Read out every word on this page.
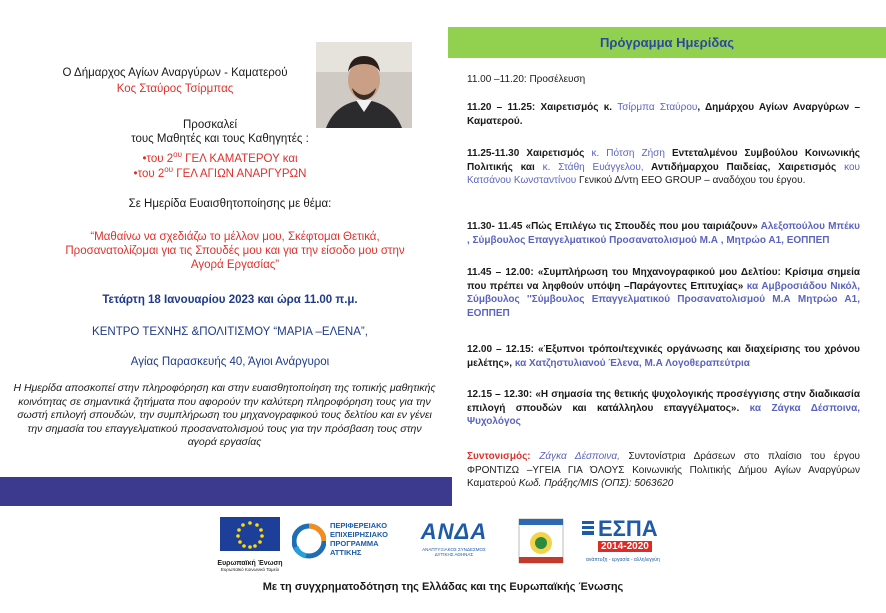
Ο Δήμαρχος Αγίων Αναργύρων - Καματερού
Κος Σταύρος Τσίρμπας
Προσκαλεί
τους Μαθητές και τους Καθηγητές :
•του $2^{o\upsilon}$ ΓΕΛ ΚΑΜΑΤΕΡΟΥ και
•του $2^{o\upsilon}$ ΓΕΛ ΑΓΙΩΝ ΑΝΑΡΓΥΡΩΝ
Σε Ημερίδα Ευαισθητοποίησης με θέμα:
“Μαθαίνω να σχεδιάζω το μέλλον μου, Σκέφτομαι Θετικά,
Προσανατολίζομαι για τις Σπουδές μου και για την είσοδο μου στην
Αγορά Εργασίας”
Τετάρτη 18 Ιανουαρίου 2023 και ώρα 11.00 π.μ.
ΚΕΝΤΡΟ ΤΕΧΝΗΣ &ΠΟΛΙΤΙΣΜΟΥ “ΜΑΡΙΑ –ΕΛΕΝΑ”,
Αγίας Παρασκευής 40, Άγιοι Ανάργυροι
Η Ημερίδα αποσκοπεί στην πληροφόρηση και στην ευαισθητοποίηση της τοπικής μαθητικής κοινότητας σε σημαντικά ζητήματα που αφορούν την καλύτερη πληροφόρηση τους για την σωστή επιλογή σπουδών, την συμπλήρωση του μηχανογραφικού τους δελτίου και εν γένει την σημασία του επαγγελματικού προσανατολισμού τους για την πρόσβαση τους στην αγορά εργασίας
Πρόγραμμα Ημερίδας
11.00 –11.20: Προσέλευση
11.20 – 11.25: Χαιρετισμός κ. Τσίρμπα Σταύρου, Δημάρχου Αγίων Αναργύρων –Καματερού.
11.25-11.30 Χαιρετισμός κ. Πότση Ζήση Εντεταλμένου Συμβούλου Κοινωνικής Πολιτικής και κ. Στάθη Ευάγγελου, Αντιδήμαρχου Παιδείας, Χαιρετισμός κου Κατσάνου Κωνσταντίνου Γενικού Δ/ντη ΕΕΟ GROUP – αναδόχου του έργου.
11.30- 11.45 «Πώς Επιλέγω τις Σπουδές που μου ταιριάζουν» Αλεξοπούλου Μπέκυ , Σύμβουλος Επαγγελματικού Προσανατολισμού Μ.Α , Μητρώο Α1, ΕΟΠΠΕΠ
11.45 – 12.00: «Συμπλήρωση του Μηχανογραφικού μου Δελτίου: Κρίσιμα σημεία που πρέπει να ληφθούν υπόψη –Παράγοντες Επιτυχίας» κα Αμβροσιάδου Νικόλ, Σύμβουλος ''Σύμβουλος Επαγγελματικού Προσανατολισμού Μ.Α Μητρώο Α1, ΕΟΠΠΕΠ
12.00 – 12.15: «Έξυπνοι τρόποι/τεχνικές οργάνωσης και διαχείρισης του χρόνου μελέτης», κα Χατζηστυλιανού Έλενα, Μ.Α Λογοθεραπεύτρια
12.15 – 12.30: «Η σημασία της θετικής ψυχολογικής προσέγγισης στην διαδικασία επιλογή σπουδών και κατάλληλου επαγγέλματος». κα Ζάγκα Δέσποινα, Ψυχολόγος
Συντονισμός: Ζάγκα Δέσποινα, Συντονίστρια Δράσεων στο πλαίσιο του έργου ΦΡΟΝΤΙΖΩ –ΥΓΕΙΑ ΓΙΑ ΌΛΟΥΣ Κοινωνικής Πολιτικής Δήμου Αγίων Αναργύρων Καματερού Κωδ. Πράξης/MIS (ΟΠΣ): 5063620
Ευρωπαϊκή Ένωση
Ευρωπαϊκό Κοινωνικό Ταμείο
ΠΕΡΙΦΕΡΕΙΑΚΟ
ΕΠΙΧΕΙΡΗΣΙΑΚΟ
ΠΡΟΓΡΑΜΜΑ
ΑΤΤΙΚΗΣ
ΑΝΔΑ
ΑΝΑΠΤΥΞΙΑΚΟΣ ΣΥΝΔΕΣΜΟΣ ΔΥΤΙΚΗΣ ΑΘΗΝΑΣ
ΕΣΠΑ
2014-2020
ανάπτυξη - εργασία - αλληλεγγύη
Με τη συγχρηματοδότηση της Ελλάδας και της Ευρωπαϊκής Ένωσης
